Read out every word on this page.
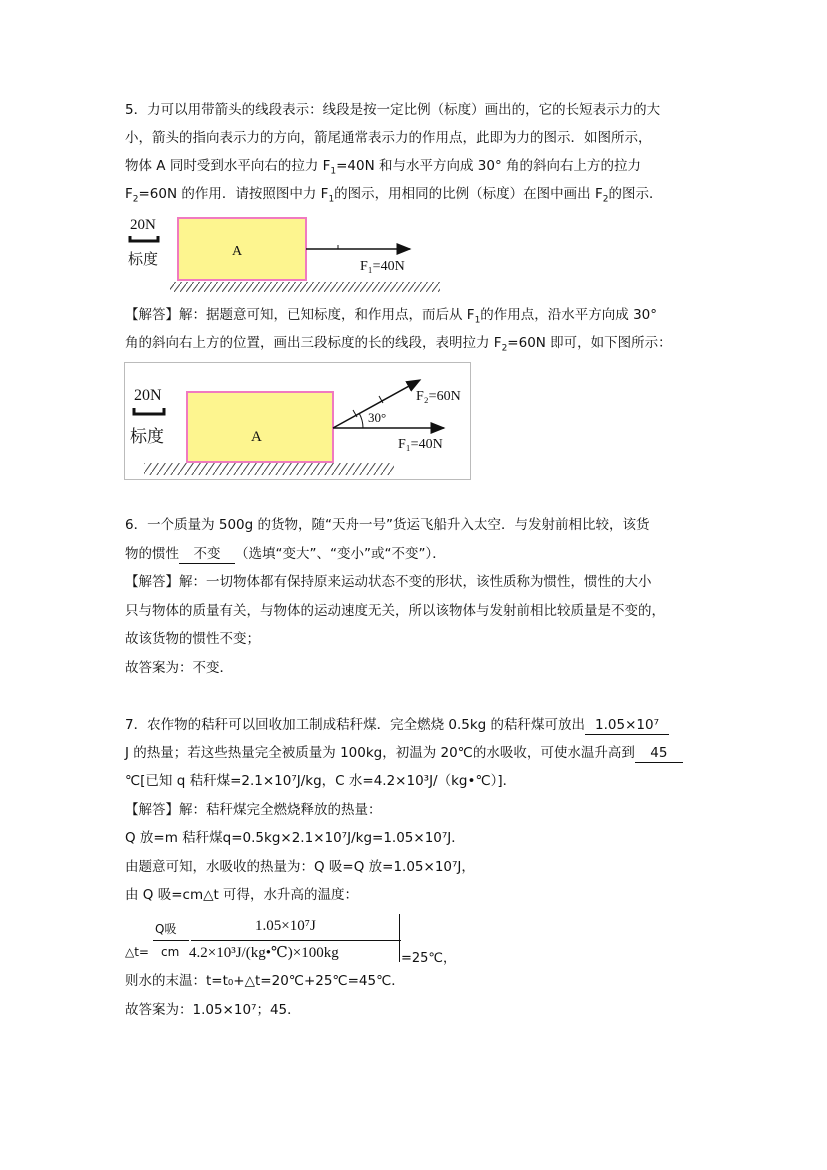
5．力可以用带箭头的线段表示：线段是按一定比例（标度）画出的，它的长短表示力的大
小，箭头的指向表示力的方向，箭尾通常表示力的作用点，此即为力的图示．如图所示，
物体 A 同时受到水平向右的拉力 $F_1=40N$ 和与水平方向成 30° 角的斜向右上方的拉力
$F_2=60N$ 的作用．请按照图中力 $F_1$的图示，用相同的比例（标度）在图中画出 $F_2$的图示．
20N
标度	A
F₁=40N
【解答】解：据题意可知，已知标度，和作用点，而后从 $F_1$的作用点，沿水平方向成 30°
角的斜向右上方的位置，画出三段标度的长的线段，表明拉力 $F_2=60N$ 即可，如下图所示：
20N
标度	A
30°
F₂=60N
F₁=40N
6．一个质量为 500g 的货物，随“天舟一号”货运飞船升入太空．与发射前相比较，该货
物的惯性 不变 （选填“变大”、“变小”或“不变”）．
【解答】解：一切物体都有保持原来运动状态不变的形状，该性质称为惯性，惯性的大小
只与物体的质量有关，与物体的运动速度无关，所以该物体与发射前相比较质量是不变的，
故该货物的惯性不变；
故答案为：不变．
7．农作物的秸秆可以回收加工制成秸秆煤．完全燃烧 0.5kg 的秸秆煤可放出 1.05×10⁷
J 的热量；若这些热量完全被质量为 100kg，初温为 20℃的水吸收，可使水温升高到 45
℃[已知 q 秸秆煤=2.1×10⁷J/kg，C 水=4.2×10³J/（kg•℃）]．
【解答】解：秸秆煤完全燃烧释放的热量：
Q 放=m 秸秆煤q=0.5kg×2.1×10⁷J/kg=1.05×10⁷J．
由题意可知，水吸收的热量为：Q 吸=Q 放=1.05×10⁷J，
由 Q 吸=cm△t 可得，水升高的温度：
Q吸
△t= cm
1.05×10⁷J
4.2×10³J/(kg•℃)×100kg	=25℃，
则水的末温：t=t₀+△t=20℃+25℃=45℃．
故答案为：1.05×10⁷；45．
